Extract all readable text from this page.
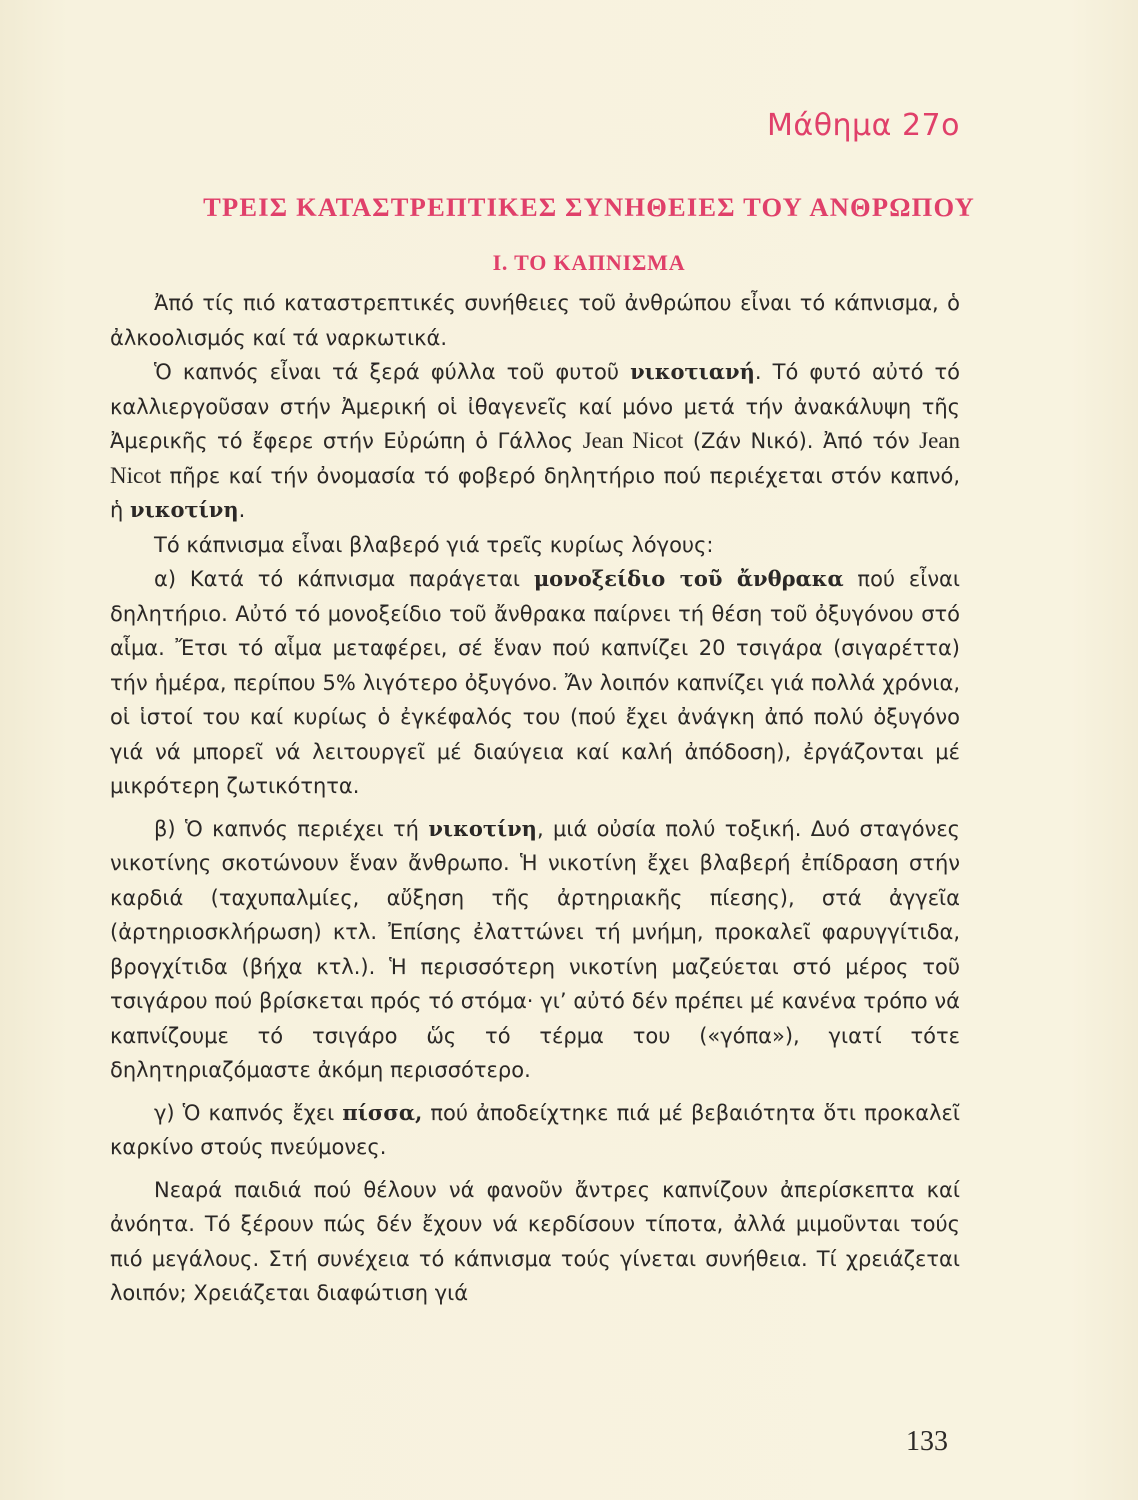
Μάθημα 27ο
ΤΡΕΙΣ ΚΑΤΑΣΤΡΕΠΤΙΚΕΣ ΣΥΝΗΘΕΙΕΣ ΤΟΥ ΑΝΘΡΩΠΟΥ
Ι. ΤΟ ΚΑΠΝΙΣΜΑ

Ἀπό τίς πιό καταστρεπτικές συνήθειες τοῦ ἀνθρώπου εἶναι τό κάπνισμα, ὁ ἀλκοολισμός καί τά ναρκωτικά.

Ὁ καπνός εἶναι τά ξερά φύλλα τοῦ φυτοῦ νικοτιανή. Τό φυτό αὐτό τό καλλιεργοῦσαν στήν Ἀμερική οἱ ἰθαγενεῖς καί μόνο μετά τήν ἀνακάλυψη τῆς Ἀμερικῆς τό ἔφερε στήν Εὐρώπη ὁ Γάλλος Jean Nicot (Ζάν Νικό). Ἀπό τόν Jean Nicot πῆρε καί τήν ὀνομασία τό φοβερό δηλητήριο πού περιέχεται στόν καπνό, ἡ νικοτίνη.

Τό κάπνισμα εἶναι βλαβερό γιά τρεῖς κυρίως λόγους:

α) Κατά τό κάπνισμα παράγεται μονοξείδιο τοῦ ἄνθρακα πού εἶναι δηλητήριο. Αὐτό τό μονοξείδιο τοῦ ἄνθρακα παίρνει τή θέση τοῦ ὀξυγόνου στό αἷμα. Ἔτσι τό αἷμα μεταφέρει, σέ ἕναν πού καπνίζει 20 τσιγάρα (σιγαρέττα) τήν ἡμέρα, περίπου 5% λιγότερο ὀξυγόνο. Ἄν λοιπόν καπνίζει γιά πολλά χρόνια, οἱ ἱστοί του καί κυρίως ὁ ἐγκέφαλός του (πού ἔχει ἀνάγκη ἀπό πολύ ὀξυγόνο γιά νά μπορεῖ νά λειτουργεῖ μέ διαύγεια καί καλή ἀπόδοση), ἐργάζονται μέ μικρότερη ζωτικότητα.

β) Ὁ καπνός περιέχει τή νικοτίνη, μιά οὐσία πολύ τοξική. Δυό σταγόνες νικοτίνης σκοτώνουν ἕναν ἄνθρωπο. Ἡ νικοτίνη ἔχει βλαβερή ἐπίδραση στήν καρδιά (ταχυπαλμίες, αὔξηση τῆς ἀρτηριακῆς πίεσης), στά ἀγγεῖα (ἀρτηριοσκλήρωση) κτλ. Ἐπίσης ἐλαττώνει τή μνήμη, προκαλεῖ φαρυγγίτιδα, βρογχίτιδα (βήχα κτλ.). Ἡ περισσότερη νικοτίνη μαζεύεται στό μέρος τοῦ τσιγάρου πού βρίσκεται πρός τό στόμα· γι’ αὐτό δέν πρέπει μέ κανένα τρόπο νά καπνίζουμε τό τσιγάρο ὥς τό τέρμα του («γόπα»), γιατί τότε δηλητηριαζόμαστε ἀκόμη περισσότερο.

γ) Ὁ καπνός ἔχει πίσσα, πού ἀποδείχτηκε πιά μέ βεβαιότητα ὅτι προκαλεῖ καρκίνο στούς πνεύμονες.

Νεαρά παιδιά πού θέλουν νά φανοῦν ἄντρες καπνίζουν ἀπερίσκεπτα καί ἀνόητα. Τό ξέρουν πώς δέν ἔχουν νά κερδίσουν τίποτα, ἀλλά μιμοῦνται τούς πιό μεγάλους. Στή συνέχεια τό κάπνισμα τούς γίνεται συνήθεια. Τί χρειάζεται λοιπόν; Χρειάζεται διαφώτιση γιά

133
